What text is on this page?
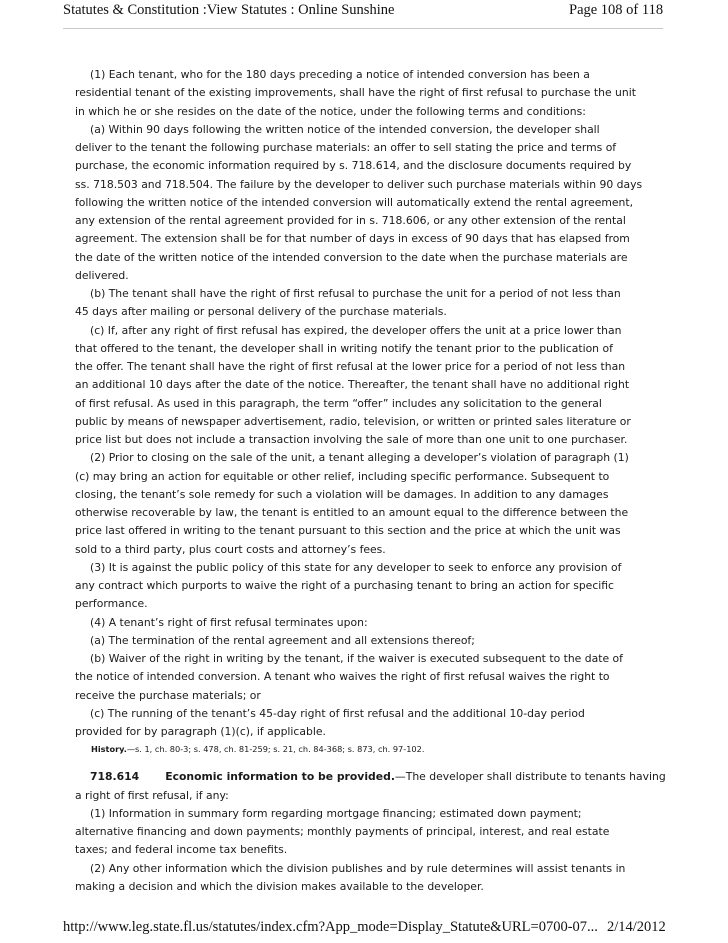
Statutes & Constitution :View Statutes : Online Sunshine	Page 108 of 118
(1) Each tenant, who for the 180 days preceding a notice of intended conversion has been a
residential tenant of the existing improvements, shall have the right of first refusal to purchase the unit
in which he or she resides on the date of the notice, under the following terms and conditions:
(a) Within 90 days following the written notice of the intended conversion, the developer shall
deliver to the tenant the following purchase materials: an offer to sell stating the price and terms of
purchase, the economic information required by s. 718.614, and the disclosure documents required by
ss. 718.503 and 718.504. The failure by the developer to deliver such purchase materials within 90 days
following the written notice of the intended conversion will automatically extend the rental agreement,
any extension of the rental agreement provided for in s. 718.606, or any other extension of the rental
agreement. The extension shall be for that number of days in excess of 90 days that has elapsed from
the date of the written notice of the intended conversion to the date when the purchase materials are
delivered.
(b) The tenant shall have the right of first refusal to purchase the unit for a period of not less than
45 days after mailing or personal delivery of the purchase materials.
(c) If, after any right of first refusal has expired, the developer offers the unit at a price lower than
that offered to the tenant, the developer shall in writing notify the tenant prior to the publication of
the offer. The tenant shall have the right of first refusal at the lower price for a period of not less than
an additional 10 days after the date of the notice. Thereafter, the tenant shall have no additional right
of first refusal. As used in this paragraph, the term “offer” includes any solicitation to the general
public by means of newspaper advertisement, radio, television, or written or printed sales literature or
price list but does not include a transaction involving the sale of more than one unit to one purchaser.
(2) Prior to closing on the sale of the unit, a tenant alleging a developer’s violation of paragraph (1)
(c) may bring an action for equitable or other relief, including specific performance. Subsequent to
closing, the tenant’s sole remedy for such a violation will be damages. In addition to any damages
otherwise recoverable by law, the tenant is entitled to an amount equal to the difference between the
price last offered in writing to the tenant pursuant to this section and the price at which the unit was
sold to a third party, plus court costs and attorney’s fees.
(3) It is against the public policy of this state for any developer to seek to enforce any provision of
any contract which purports to waive the right of a purchasing tenant to bring an action for specific
performance.
(4) A tenant’s right of first refusal terminates upon:
(a) The termination of the rental agreement and all extensions thereof;
(b) Waiver of the right in writing by the tenant, if the waiver is executed subsequent to the date of
the notice of intended conversion. A tenant who waives the right of first refusal waives the right to
receive the purchase materials; or
(c) The running of the tenant’s 45-day right of first refusal and the additional 10-day period
provided for by paragraph (1)(c), if applicable.
History.—s. 1, ch. 80-3; s. 478, ch. 81-259; s. 21, ch. 84-368; s. 873, ch. 97-102.
718.614 Economic information to be provided.—The developer shall distribute to tenants having
a right of first refusal, if any:
(1) Information in summary form regarding mortgage financing; estimated down payment;
alternative financing and down payments; monthly payments of principal, interest, and real estate
taxes; and federal income tax benefits.
(2) Any other information which the division publishes and by rule determines will assist tenants in
making a decision and which the division makes available to the developer.
http://www.leg.state.fl.us/statutes/index.cfm?App_mode=Display_Statute&URL=0700-07... 2/14/2012
